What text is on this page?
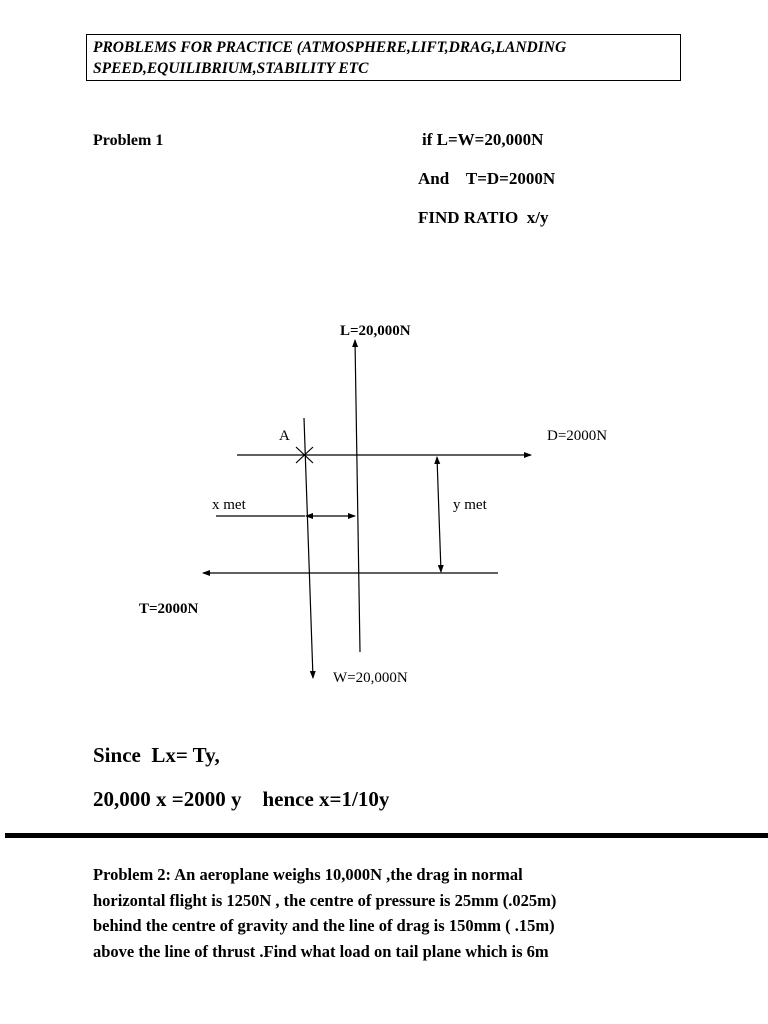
PROBLEMS FOR PRACTICE (ATMOSPHERE,LIFT,DRAG,LANDING
SPEED,EQUILIBRIUM,STABILITY ETC
Problem 1	if L=W=20,000N
And    T=D=2000N
FIND RATIO  x/y
L=20,000N
A	D=2000N
x met	y met
T=2000N
W=20,000N
Since  Lx= Ty,
20,000 x =2000 y    hence x=1/10y
Problem 2: An aeroplane weighs 10,000N ,the drag in normal
horizontal flight is 1250N , the centre of pressure is 25mm (.025m)
behind the centre of gravity and the line of drag is 150mm ( .15m)
above the line of thrust .Find what load on tail plane which is 6m
